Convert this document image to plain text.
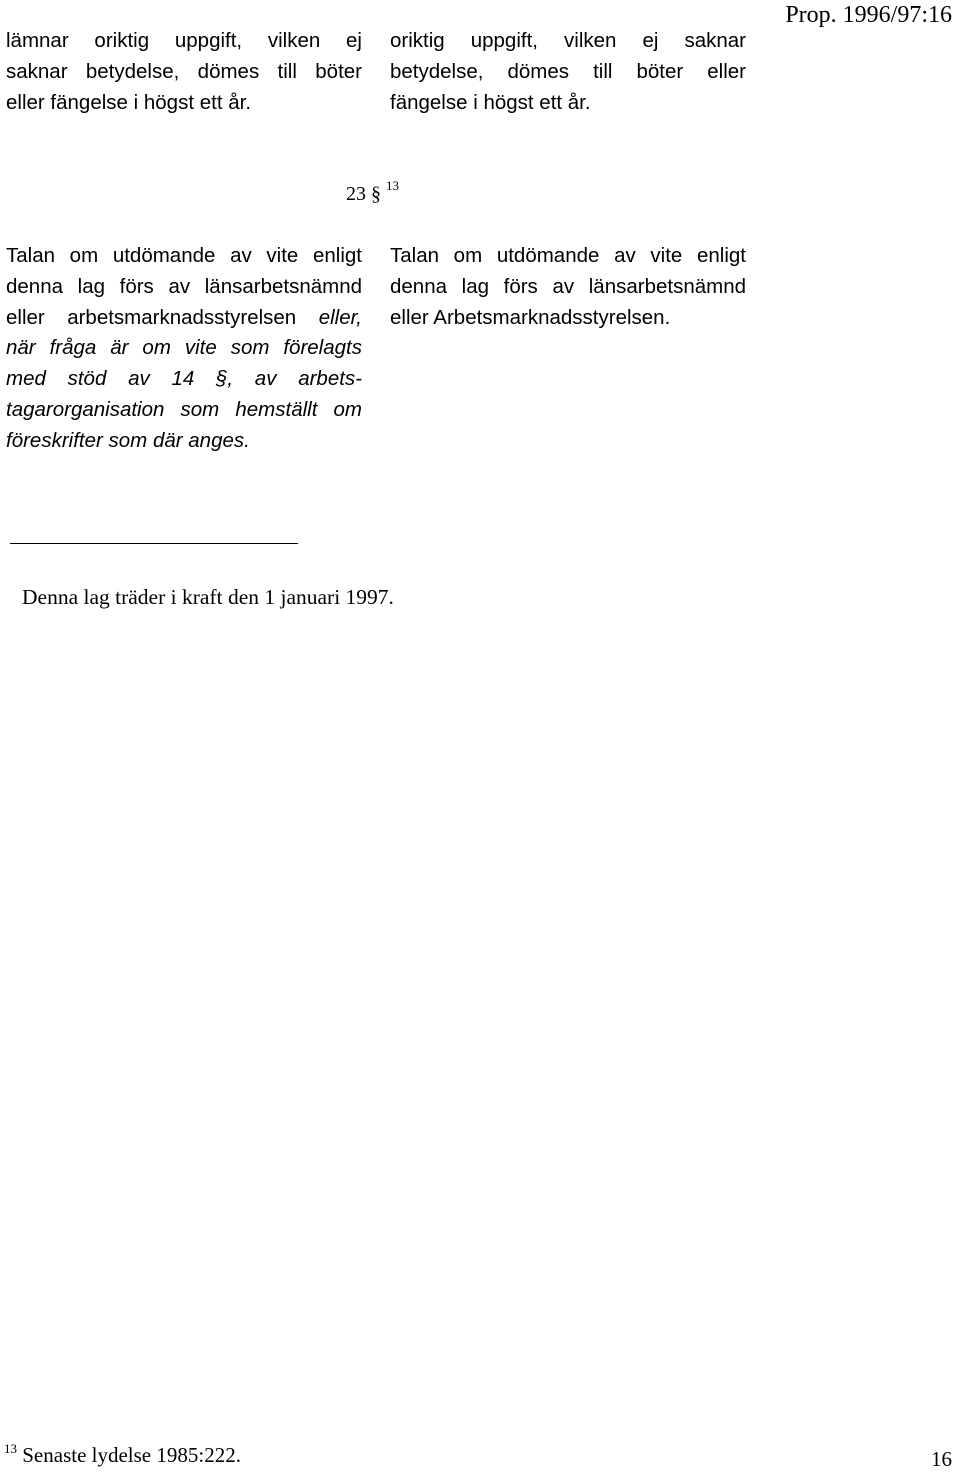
Prop. 1996/97:16
lämnar oriktig uppgift, vilken ej
saknar betydelse, dömes till böter
eller fängelse i högst ett år.
oriktig uppgift, vilken ej saknar
betydelse, dömes till böter eller
fängelse i högst ett år.
23 § $^{13}$
Talan om utdömande av vite enligt
denna lag förs av länsarbetsnämnd
eller arbetsmarknadsstyrelsen eller,
när fråga är om vite som förelagts
med stöd av 14 §, av arbets-
tagarorganisation som hemställt om
föreskrifter som där anges.
Talan om utdömande av vite enligt
denna lag förs av länsarbetsnämnd
eller Arbetsmarknadsstyrelsen.
Denna lag träder i kraft den 1 januari 1997.
$^{13}$ Senaste lydelse 1985:222.	16
